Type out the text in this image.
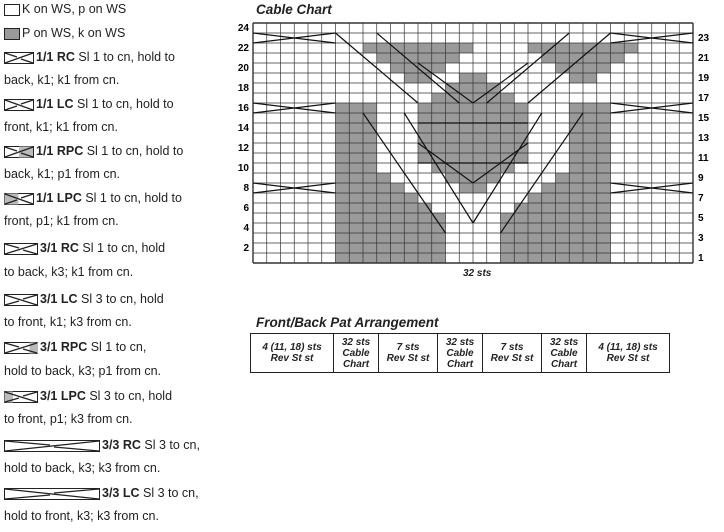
K on WS, p on WS
P on WS, k on WS
1/1 RC Sl 1 to cn, hold to
back, k1; k1 from cn.
1/1 LC Sl 1 to cn, hold to
front, k1; k1 from cn.
1/1 RPC Sl 1 to cn, hold to
back, k1; p1 from cn.
1/1 LPC Sl 1 to cn, hold to
front, p1; k1 from cn.
3/1 RC Sl 1 to cn, hold
to back, k3; k1 from cn.
3/1 LC Sl 3 to cn, hold
to front, k1; k3 from cn.
3/1 RPC Sl 1 to cn,
hold to back, k3; p1 from cn.
3/1 LPC Sl 3 to cn, hold
to front, p1; k3 from cn.
3/3 RC Sl 3 to cn,
hold to back, k3; k3 from cn.
3/3 LC Sl 3 to cn,
hold to front, k3; k3 from cn.
Cable Chart
24
22
20
18
16
14
12
10
8
6
4
2
23
21
19
17
15
13
11
9
7
5
3
1
32 sts
Front/Back Pat Arrangement
4 (11, 18) sts
Rev St st

32 sts
Cable
Chart

7 sts
Rev St st

32 sts
Cable
Chart

7 sts
Rev St st

32 sts
Cable
Chart

4 (11, 18) sts
Rev St st
